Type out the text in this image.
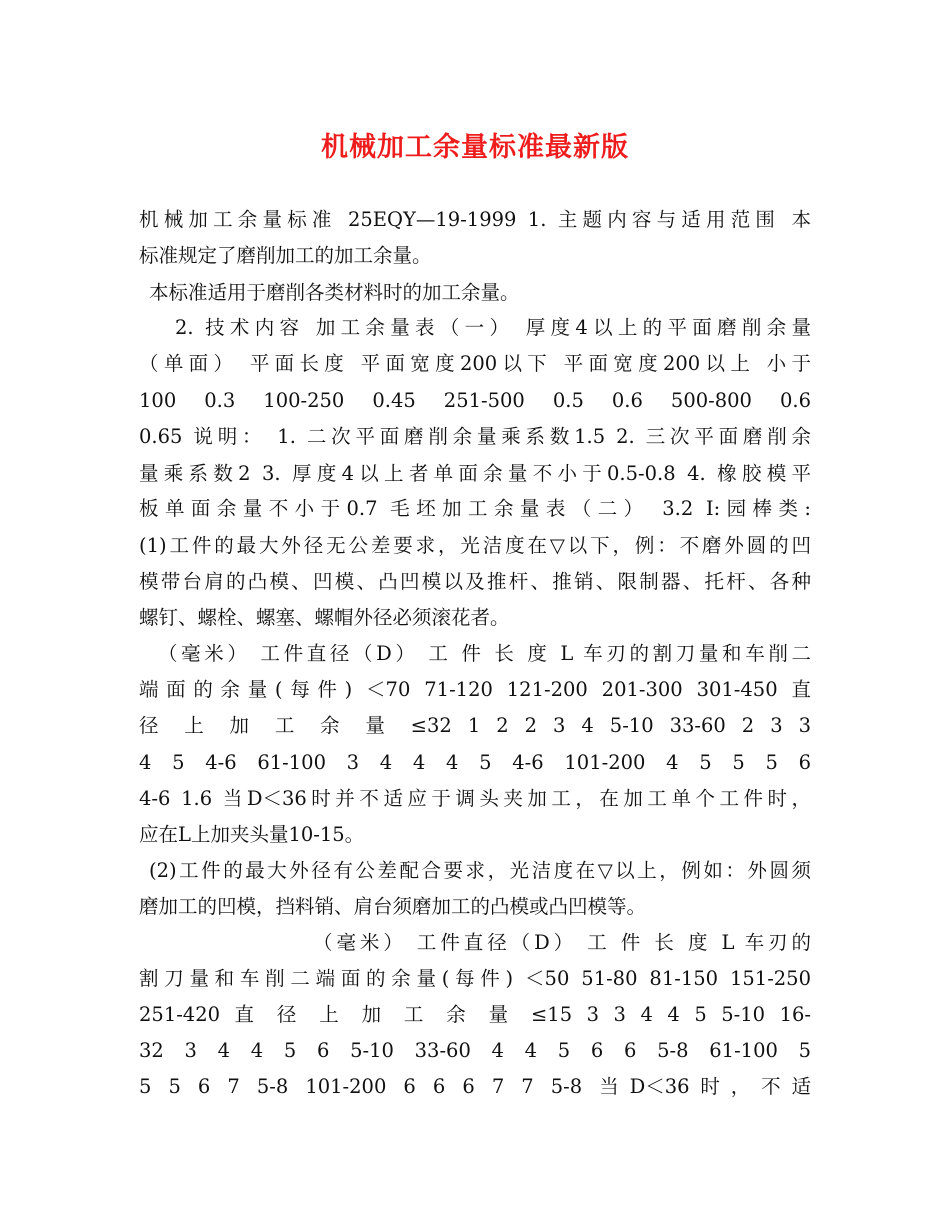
机械加工余量标准最新版
机械加工余量标准 25EQY—19-1999 1. 主题内容与适用范围 本
标准规定了磨削加工的加工余量。
本标准适用于磨削各类材料时的加工余量。
2. 技术内容 加工余量表（一） 厚度4以上的平面磨削余量
（单面） 平面长度 平面宽度200以下 平面宽度200以上 小于
100 0.3 100-250 0.45 251-500 0.5 0.6 500-800 0.6
0.65 说明： 1. 二次平面磨削余量乘系数1.5 2. 三次平面磨削余
量乘系数2 3. 厚度4以上者单面余量不小于0.5-0.8 4. 橡胶模平
板单面余量不小于0.7 毛坯加工余量表（二） 3.2 I:园棒类:
(1)工件的最大外径无公差要求，光洁度在▽以下，例：不磨外圆的凹
模带台肩的凸模、凹模、凸凹模以及推杆、推销、限制器、托杆、各种
螺钉、螺栓、螺塞、螺帽外径必须滚花者。
（毫米） 工件直径（D） 工 件 长 度 L 车刃的割刀量和车削二
端面的余量(每件) ＜70 71-120 121-200 201-300 301-450 直
径 上 加 工 余 量 ≤32 1 2 2 3 4 5-10 33-60 2 3 3
4 5 4-6 61-100 3 4 4 4 5 4-6 101-200 4 5 5 5 6
4-6 1.6 当D＜36时并不适应于调头夹加工，在加工单个工件时，
应在L上加夹头量10-15。
(2)工件的最大外径有公差配合要求，光洁度在▽以上，例如：外圆须
磨加工的凹模，挡料销、肩台须磨加工的凸模或凸凹模等。
（毫米） 工件直径（D） 工 件 长 度 L 车刃的
割刀量和车削二端面的余量(每件) ＜50 51-80 81-150 151-250
251-420 直 径 上 加 工 余 量 ≤15 3 3 4 4 5 5-10 16-
32 3 4 4 5 6 5-10 33-60 4 4 5 6 6 5-8 61-100 5
5 5 6 7 5-8 101-200 6 6 6 7 7 5-8 当D＜36时，不适
